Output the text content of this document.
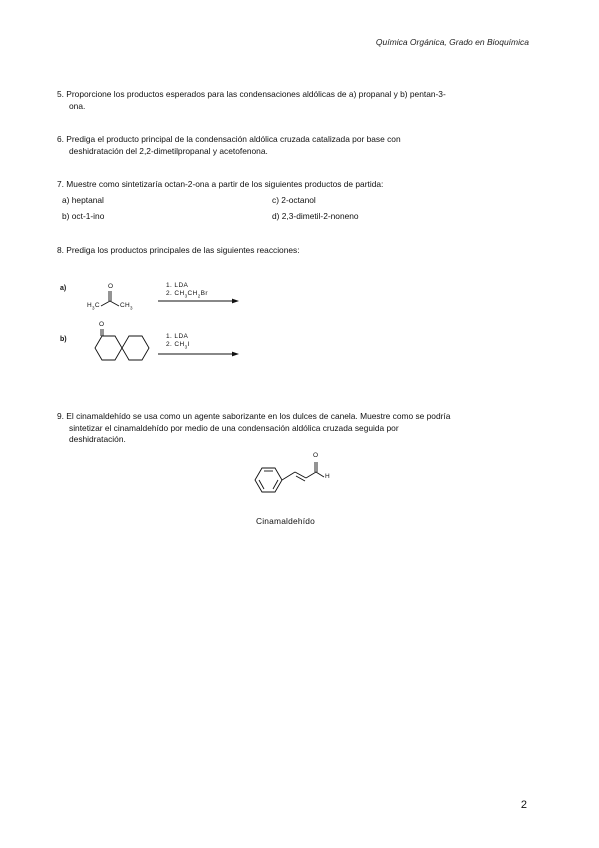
Química Orgánica, Grado en Bioquímica
5. Proporcione los productos esperados para las condensaciones aldólicas de a) propanal y b) pentan-3-
ona.
6. Prediga el producto principal de la condensación aldólica cruzada catalizada por base con
deshidratación del 2,2-dimetilpropanal y acetofenona.
7. Muestre como sintetizaría octan-2-ona a partir de los siguientes productos de partida:
a) heptanal	c) 2-octanol
b) oct-1-ino	d) 2,3-dimetil-2-noneno
8. Prediga los productos principales de las siguientes reacciones:
a)
b)
O
$H_3C$	$CH_3$
1. LDA
2. $CH_3CH_2Br$
O
1. LDA
2. $CH_3I$
9. El cinamaldehído se usa como un agente saborizante en los dulces de canela. Muestre como se podría
sintetizar el cinamaldehído por medio de una condensación aldólica cruzada seguida por
deshidratación.
O
H
Cinamaldehído
2
